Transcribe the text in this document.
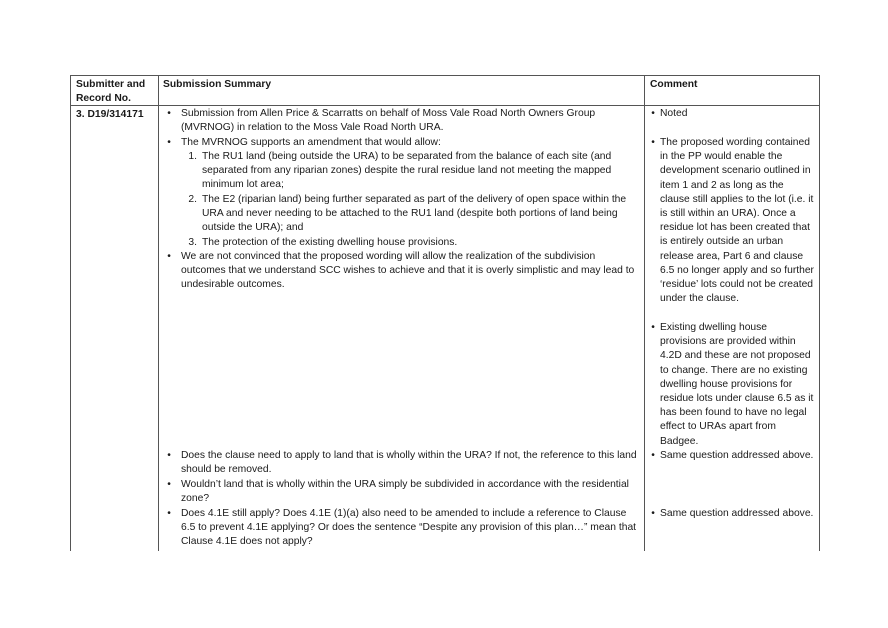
Submitter and Record No.
Submission Summary	Comment
3. D19/314171	• Submission from Allen Price & Scarratts on behalf of Moss Vale Road North Owners Group (MVRNOG) in relation to the Moss Vale Road North URA.
• The MVRNOG supports an amendment that would allow:
1. The RU1 land (being outside the URA) to be separated from the balance of each site (and separated from any riparian zones) despite the rural residue land not meeting the mapped minimum lot area;
2. The E2 (riparian land) being further separated as part of the delivery of open space within the URA and never needing to be attached to the RU1 land (despite both portions of land being outside the URA); and
3. The protection of the existing dwelling house provisions.
• We are not convinced that the proposed wording will allow the realization of the subdivision outcomes that we understand SCC wishes to achieve and that it is overly simplistic and may lead to undesirable outcomes.
• Does the clause need to apply to land that is wholly within the URA? If not, the reference to this land should be removed.
• Wouldn’t land that is wholly within the URA simply be subdivided in accordance with the residential zone?
• Does 4.1E still apply? Does 4.1E (1)(a) also need to be amended to include a reference to Clause 6.5 to prevent 4.1E applying? Or does the sentence “Despite any provision of this plan…” mean that Clause 4.1E does not apply?
• Noted
• The proposed wording contained in the PP would enable the development scenario outlined in item 1 and 2 as long as the clause still applies to the lot (i.e. it is still within an URA). Once a residue lot has been created that is entirely outside an urban release area, Part 6 and clause 6.5 no longer apply and so further ‘residue’ lots could not be created under the clause.
• Existing dwelling house provisions are provided within 4.2D and these are not proposed to change. There are no existing dwelling house provisions for residue lots under clause 6.5 as it has been found to have no legal effect to URAs apart from Badgee.
• Same question addressed above.
• Same question addressed above.
